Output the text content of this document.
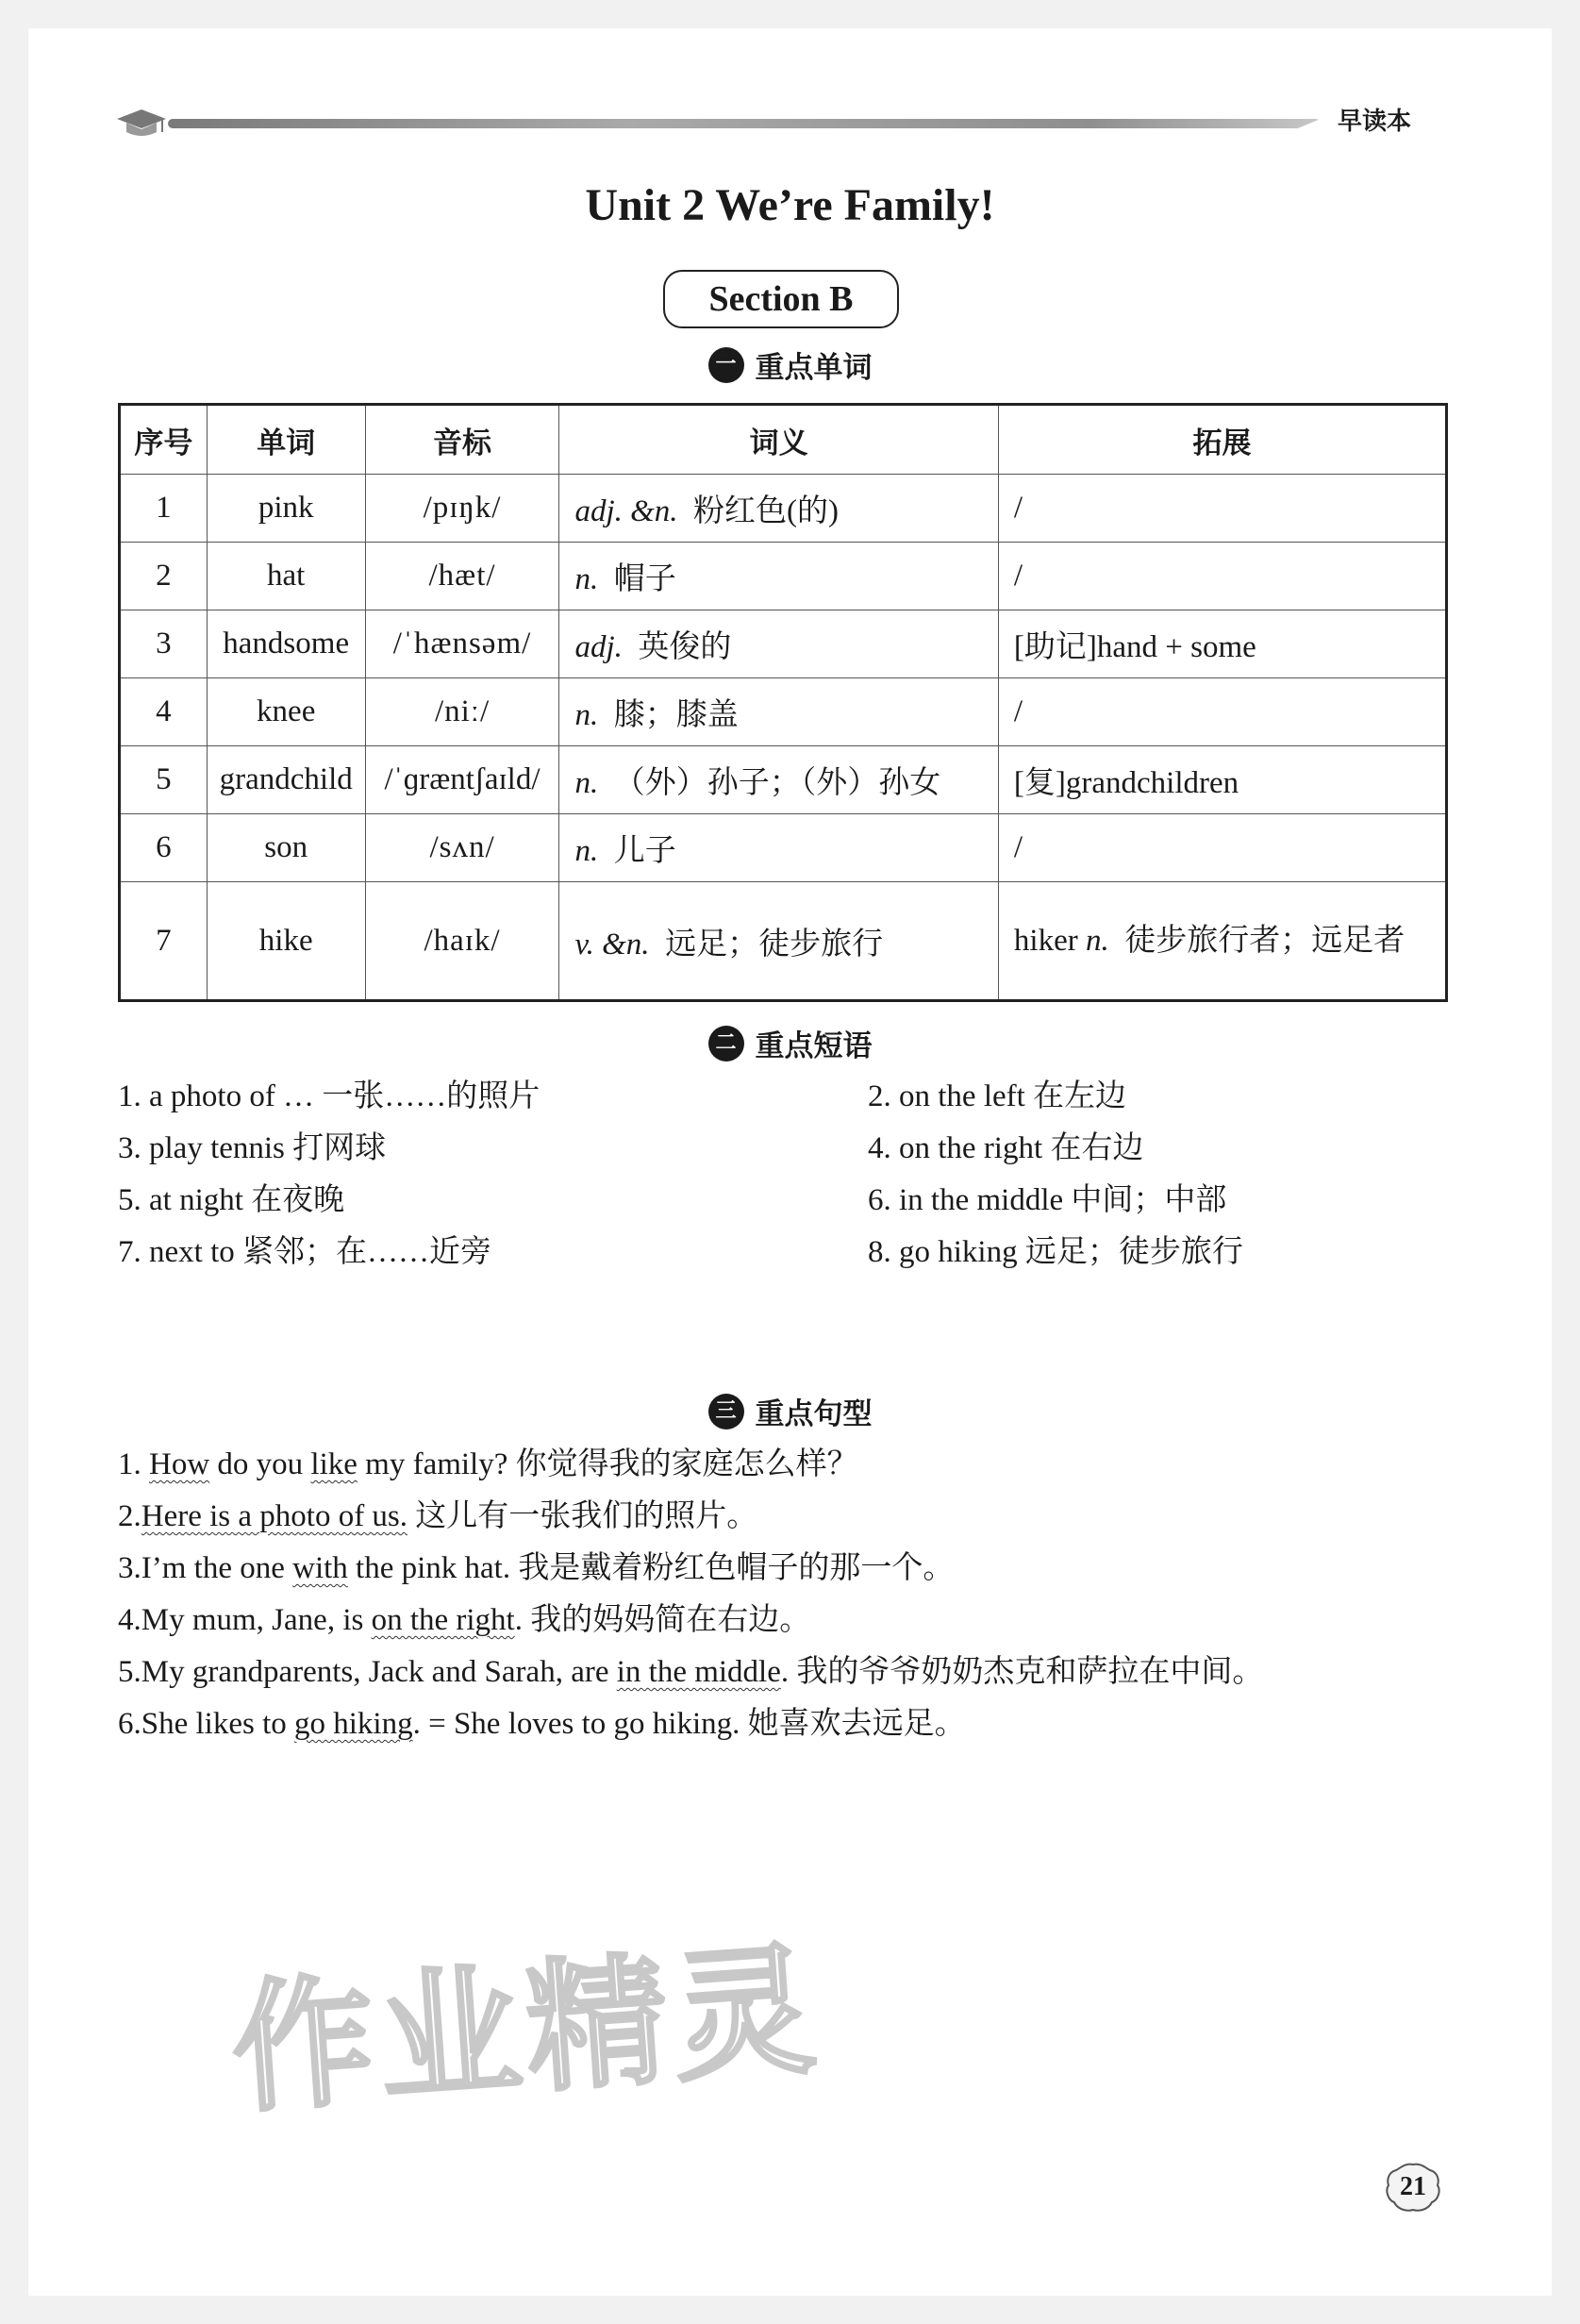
早读本
Unit 2 We’re Family!
Section B
一 重点单词
序号	单词	音标	词义	拓展
1	pink	/pɪŋk/	adj. &n. 粉红色(的)	/
2	hat	/hæt/	n. 帽子	/
3	handsome	/ˈhænsəm/	adj. 英俊的	[助记]hand + some
4	knee	/niː/	n. 膝；膝盖	/
5	grandchild	/ˈɡræntʃaɪld/	n. （外）孙子；（外）孙女	[复]grandchildren
6	son	/sʌn/	n. 儿子	/
7	hike	/haɪk/	v. &n. 远足；徒步旅行	hiker n. 徒步旅行者；远足者
二 重点短语
1. a photo of … 一张……的照片	2. on the left 在左边
3. play tennis 打网球	4. on the right 在右边
5. at night 在夜晚	6. in the middle 中间；中部
7. next to 紧邻；在……近旁	8. go hiking 远足；徒步旅行
三 重点句型
1. How do you like my family? 你觉得我的家庭怎么样？
2.Here is a photo of us. 这儿有一张我们的照片。
3.I’m the one with the pink hat. 我是戴着粉红色帽子的那一个。
4.My mum, Jane, is on the right. 我的妈妈简在右边。
5.My grandparents, Jack and Sarah, are in the middle. 我的爷爷奶奶杰克和萨拉在中间。
6.She likes to go hiking. = She loves to go hiking. 她喜欢去远足。
作业精灵
21
